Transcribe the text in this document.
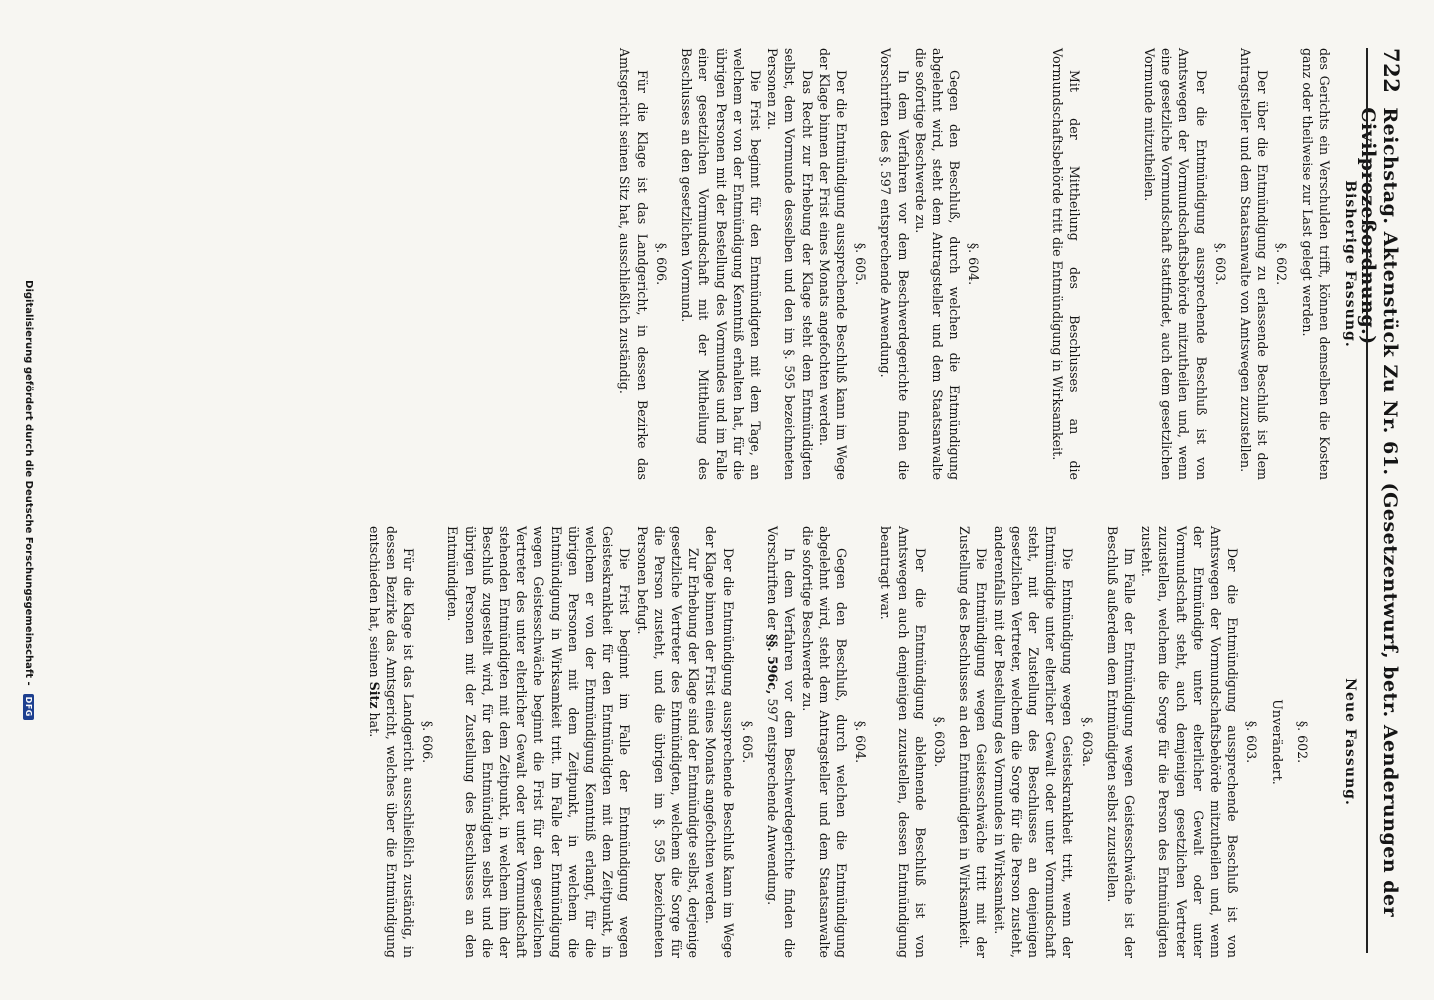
722
Reichstag. Aktenstück Zu Nr. 61. (Gesetzentwurf, betr. Aenderungen der Civilprozeßordnung.)
Bisherige Fassung.

des Gerichts ein Verschulden trifft, können demselben die Kosten ganz oder theilweise zur Last gelegt werden.

§. 602.

Der über die Entmündigung zu erlassende Beschluß ist dem Antragsteller und dem Staatsanwalte von Amtswegen zuzustellen.

§. 603.

Der die Entmündigung aussprechende Beschluß ist von Amtswegen der Vormundschaftsbehörde mitzutheilen und, wenn eine gesetzliche Vormundschaft stattfindet, auch dem gesetzlichen Vormunde mitzutheilen.

Mit der Mittheilung des Beschlusses an die Vormundschaftsbehörde tritt die Entmündigung in Wirksamkeit.

§. 604.

Gegen den Beschluß, durch welchen die Entmündigung abgelehnt wird, steht dem Antragsteller und dem Staatsanwalte die sofortige Beschwerde zu.

In dem Verfahren vor dem Beschwerdegerichte finden die Vorschriften des §. 597 entsprechende Anwendung.

§. 605.

Der die Entmündigung aussprechende Beschluß kann im Wege der Klage binnen der Frist eines Monats angefochten werden.

Das Recht zur Erhebung der Klage steht dem Entmündigten selbst, dem Vormunde desselben und den im §. 595 bezeichneten Personen zu.

Die Frist beginnt für den Entmündigten mit dem Tage, an welchem er von der Entmündigung Kenntniß erhalten hat, für die übrigen Personen mit der Bestellung des Vormundes und im Falle einer gesetzlichen Vormundschaft mit der Mittheilung des Beschlusses an den gesetzlichen Vormund.

§. 606.

Für die Klage ist das Landgericht, in dessen Bezirke das Amtsgericht seinen Sitz hat, ausschließlich zuständig.

Neue Fassung.
§. 602.
Unverändert.
§. 603.

Der die Entmündigung aussprechende Beschluß ist von Amtswegen der Vormundschaftsbehörde mitzutheilen und, wenn der Entmündigte unter elterlicher Gewalt oder unter Vormundschaft steht, auch demjenigen gesetzlichen Vertreter zuzustellen, welchem die Sorge für die Person des Entmündigten zusteht.

Im Falle der Entmündigung wegen Geistesschwäche ist der Beschluß außerdem dem Entmündigten selbst zuzustellen.

§. 603a.

Die Entmündigung wegen Geisteskrankheit tritt, wenn der Entmündigte unter elterlicher Gewalt oder unter Vormundschaft steht, mit der Zustellung des Beschlusses an denjenigen gesetzlichen Vertreter, welchem die Sorge für die Person zusteht, anderenfalls mit der Bestellung des Vormundes in Wirksamkeit.

Die Entmündigung wegen Geistesschwäche tritt mit der Zustellung des Beschlusses an den Entmündigten in Wirksamkeit.

§. 603b.

Der die Entmündigung ablehnende Beschluß ist von Amtswegen auch demjenigen zuzustellen, dessen Entmündigung beantragt war.

§. 604.

Gegen den Beschluß, durch welchen die Entmündigung abgelehnt wird, steht dem Antragsteller und dem Staatsanwalte die sofortige Beschwerde zu.

In dem Verfahren vor dem Beschwerdegerichte finden die Vorschriften der §§. 596c, 597 entsprechende Anwendung.

§. 605.

Der die Entmündigung aussprechende Beschluß kann im Wege der Klage binnen der Frist eines Monats angefochten werden.

Zur Erhebung der Klage sind der Entmündigte selbst, derjenige gesetzliche Vertreter des Entmündigten, welchem die Sorge für die Person zusteht, und die übrigen im §. 595 bezeichneten Personen befugt.

Die Frist beginnt im Falle der Entmündigung wegen Geisteskrankheit für den Entmündigten mit dem Zeitpunkt, in welchem er von der Entmündigung Kenntniß erlangt, für die übrigen Personen mit dem Zeitpunkt, in welchem die Entmündigung in Wirksamkeit tritt. Im Falle der Entmündigung wegen Geistesschwäche beginnt die Frist für den gesetzlichen Vertreter des unter elterlicher Gewalt oder unter Vormundschaft stehenden Entmündigten mit dem Zeitpunkt, in welchem ihm der Beschluß zugestellt wird, für den Entmündigten selbst und die übrigen Personen mit der Zustellung des Beschlusses an den Entmündigten.

§. 606.

Für die Klage ist das Landgericht ausschließlich zuständig, in dessen Bezirke das Amtsgericht, welches über die Entmündigung entschieden hat, seinen Sitz hat.

Digitalisierung gefördert durch die Deutsche Forschungsgemeinschaft -
DFG
